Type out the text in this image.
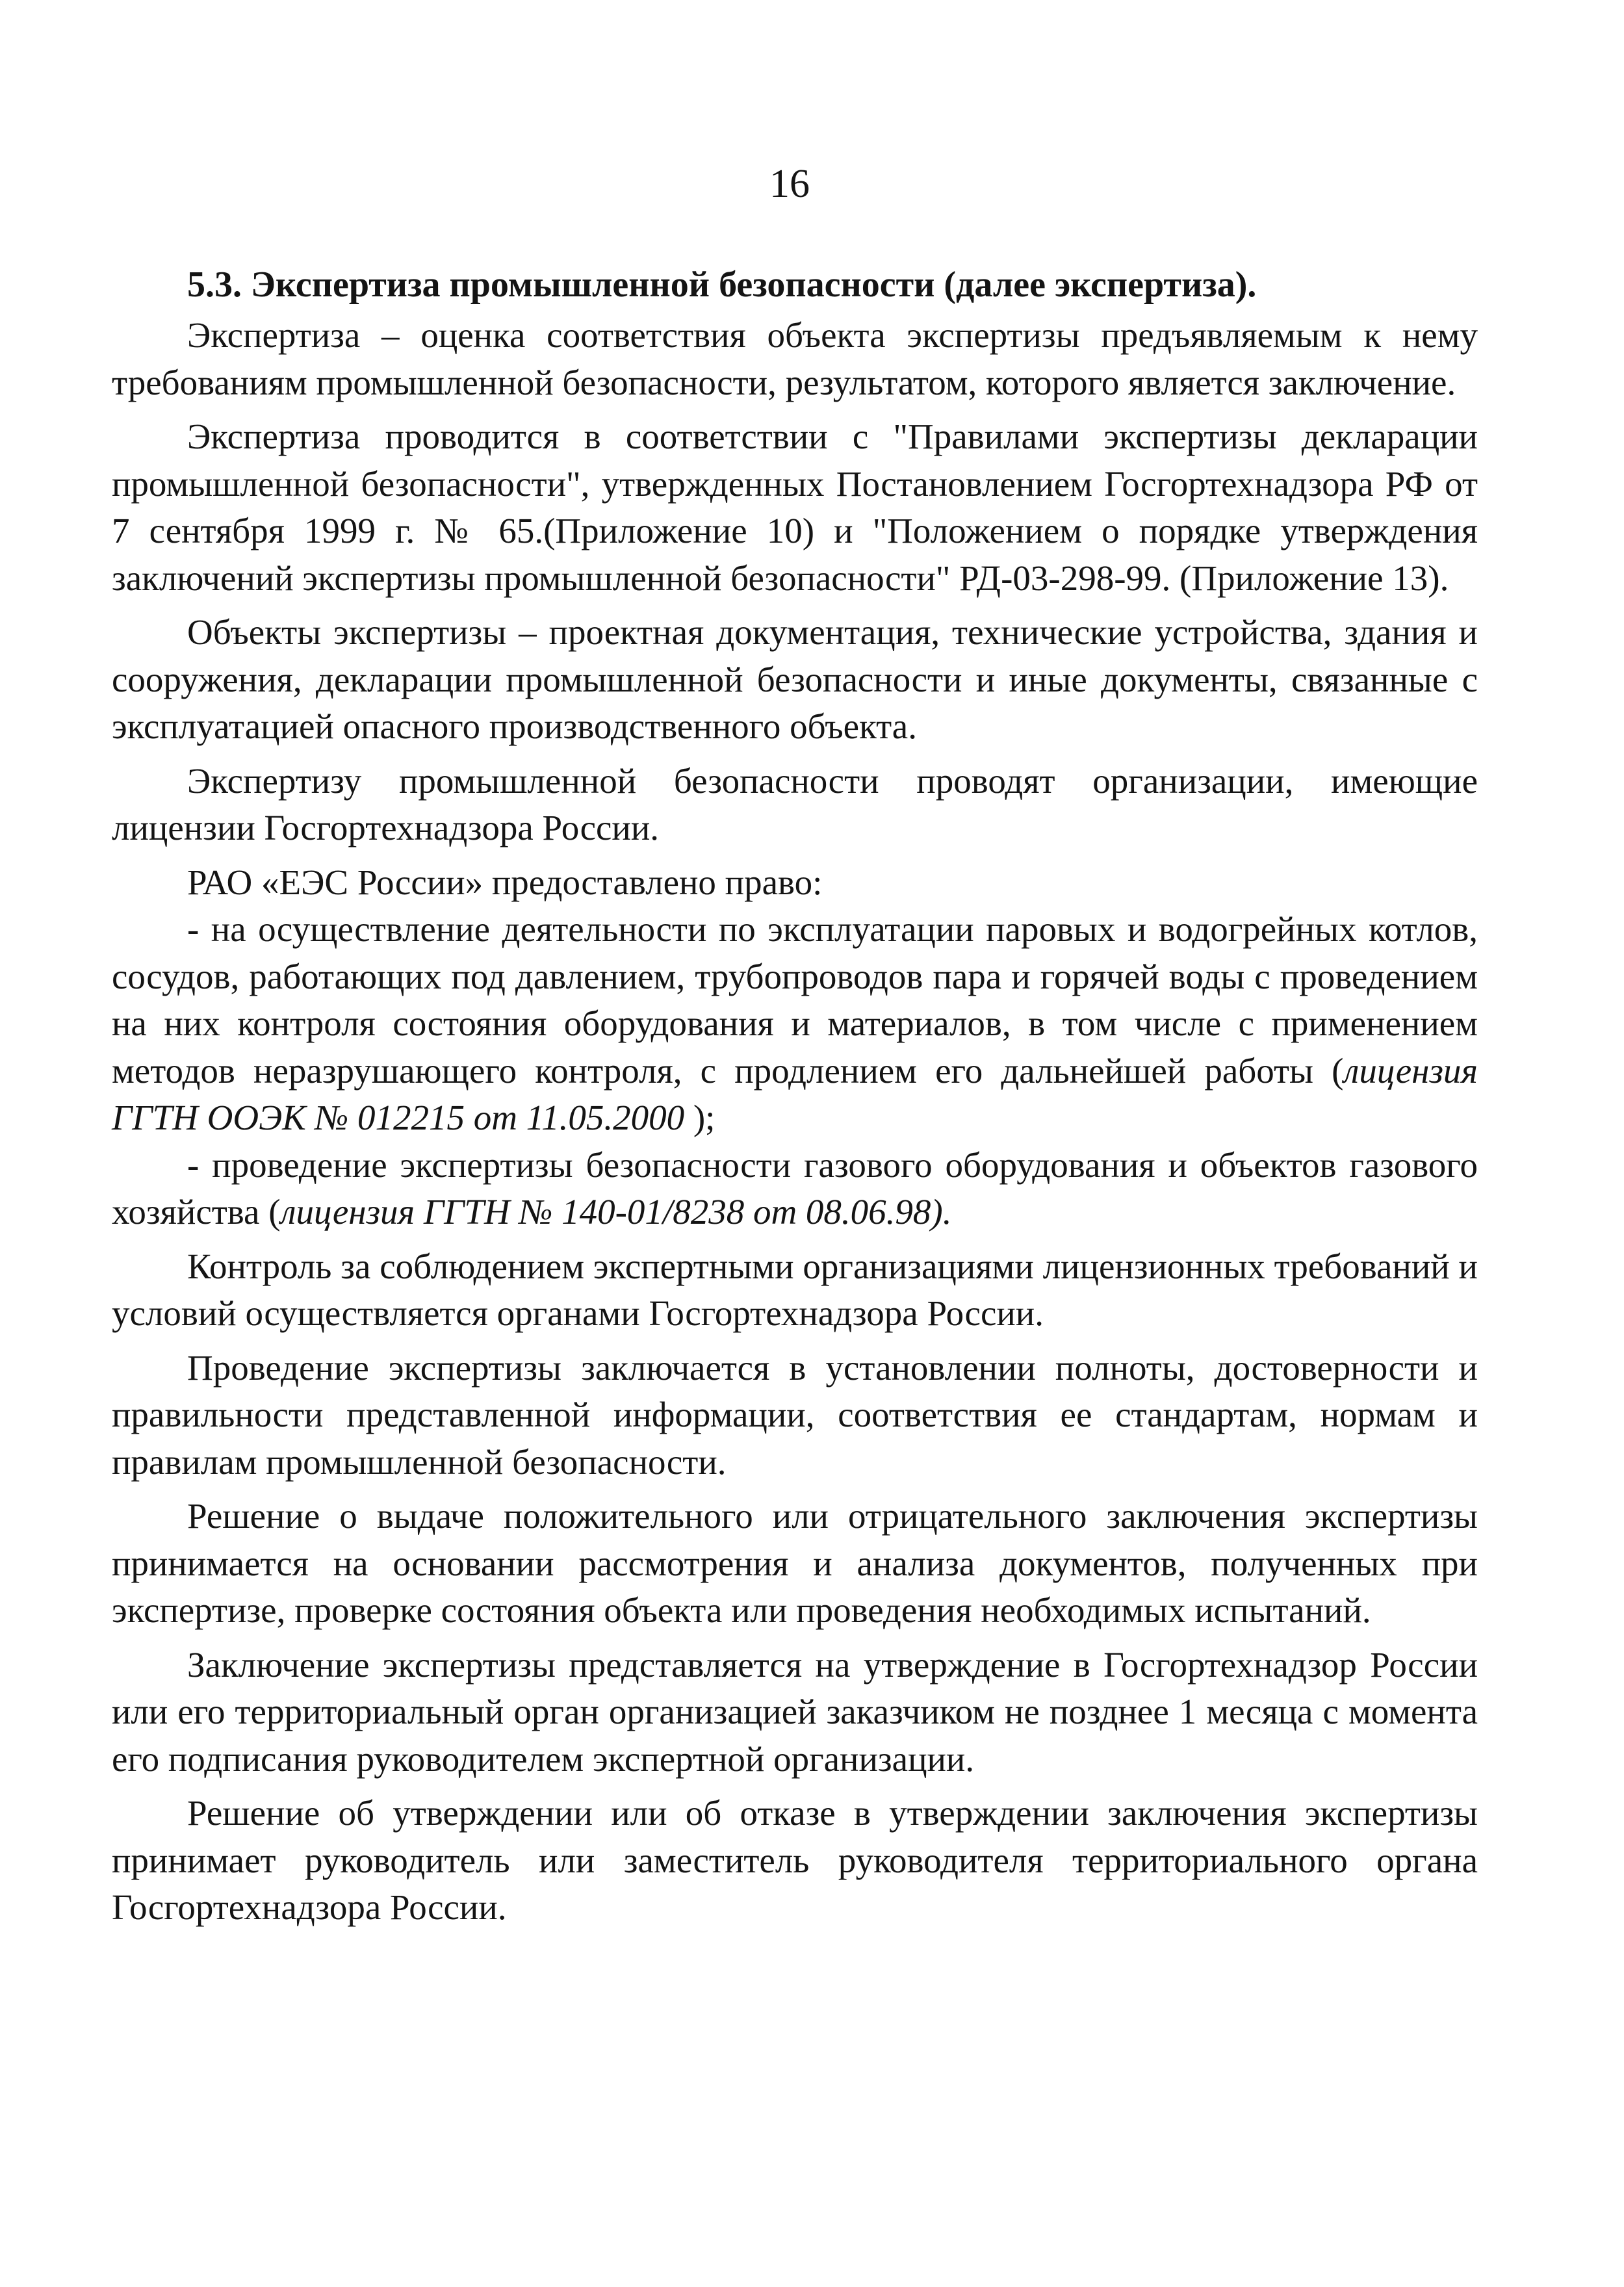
16
5.3. Экспертиза промышленной безопасности (далее экспертиза).

Экспертиза – оценка соответствия объекта экспертизы предъявляемым к нему требованиям промышленной безопасности, результатом, которого является заключение.

Экспертиза проводится в соответствии с "Правилами экспертизы декларации промышленной безопасности", утвержденных Постановлением Госгортехнадзора РФ от 7 сентября 1999 г. № 65.(Приложение 10) и "Положением о порядке утверждения заключений экспертизы промышленной безопасности" РД-03-298-99. (Приложение 13).

Объекты экспертизы – проектная документация, технические устройства, здания и сооружения, декларации промышленной безопасности и иные документы, связанные с эксплуатацией опасного производственного объекта.

Экспертизу промышленной безопасности проводят организации, имеющие лицензии Госгортехнадзора России.

РАО «ЕЭС России» предоставлено право:

- на осуществление деятельности по эксплуатации паровых и водогрейных котлов, сосудов, работающих под давлением, трубопроводов пара и горячей воды с проведением на них контроля состояния оборудования и материалов, в том числе с применением методов неразрушающего контроля, с продлением его дальнейшей работы (лицензия ГГТН ООЭК № 012215 от 11.05.2000 );

- проведение экспертизы безопасности газового оборудования и объектов газового хозяйства (лицензия ГГТН № 140-01/8238 от 08.06.98).

Контроль за соблюдением экспертными организациями лицензионных требований и условий осуществляется органами Госгортехнадзора России.

Проведение экспертизы заключается в установлении полноты, достоверности и правильности представленной информации, соответствия ее стандартам, нормам и правилам промышленной безопасности.

Решение о выдаче положительного или отрицательного заключения экспертизы принимается на основании рассмотрения и анализа документов, полученных при экспертизе, проверке состояния объекта или проведения необходимых испытаний.

Заключение экспертизы представляется на утверждение в Госгортехнадзор России или его территориальный орган организацией заказчиком не позднее 1 месяца с момента его подписания руководителем экспертной организации.

Решение об утверждении или об отказе в утверждении заключения экспертизы принимает руководитель или заместитель руководителя территориального органа Госгортехнадзора России.
